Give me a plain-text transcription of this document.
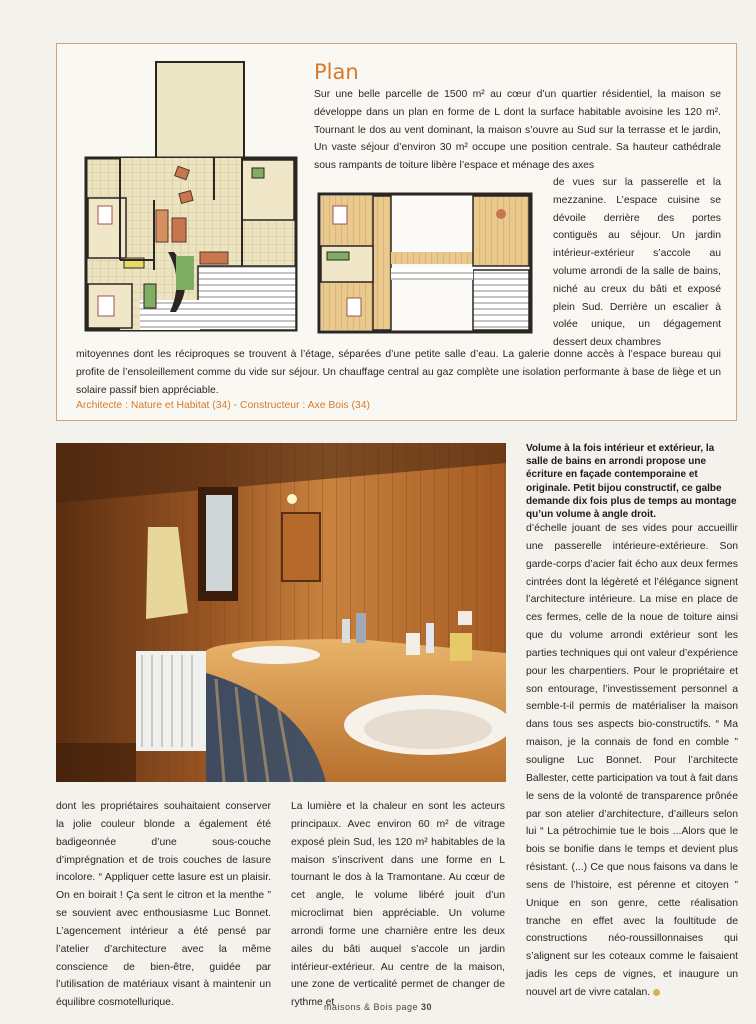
Plan

Sur une belle parcelle de 1500 m² au cœur d’un quartier résidentiel, la maison se développe dans un plan en forme de L dont la surface habitable avoisine les 120 m². Tournant le dos au vent dominant, la maison s’ouvre au Sud sur la terrasse et le jardin, Un vaste séjour d’environ 30 m² occupe une position centrale. Sa hauteur cathédrale sous rampants de toiture libère l’espace et ménage des axes

de vues sur la passerelle et la mezzanine. L’espace cuisine se dévoile derrière des portes contiguës au séjour. Un jardin intérieur-extérieur s’accole au volume arrondi de la salle de bains, niché au creux du bâti et exposé plein Sud. Derrière un escalier à volée unique, un dégagement dessert deux chambres

mitoyennes dont les réciproques se trouvent à l’étage, séparées d’une petite salle d’eau. La galerie donne accès à l’espace bureau qui profite de l’ensoleillement comme du vide sur séjour. Un chauffage central au gaz complète une isolation performante à base de liège et un solaire passif bien appréciable.

Architecte : Nature et Habitat (34) - Constructeur : Axe Bois (34)
Volume à la fois intérieur et extérieur, la salle de bains en arrondi propose une écriture en façade contemporaine et originale. Petit bijou constructif, ce galbe demande dix fois plus de temps au montage qu’un volume à angle droit.

dont les propriétaires souhaitaient conserver la jolie couleur blonde a également été badigeonnée d’une sous-couche d’imprégnation et de trois couches de lasure incolore. “ Appliquer cette lasure est un plaisir. On en boirait ! Ça sent le citron et la menthe ” se souvient avec enthousiasme Luc Bonnet. L’agencement intérieur a été pensé par l’atelier d’architecture avec la même conscience de bien-être, guidée par l’utilisation de matériaux visant à maintenir un équilibre cosmotellurique.

La lumière et la chaleur en sont les acteurs principaux. Avec environ 60 m² de vitrage exposé plein Sud, les 120 m² habitables de la maison s’inscrivent dans une forme en L tournant le dos à la Tramontane. Au cœur de cet angle, le volume libéré jouit d’un microclimat bien appréciable. Un volume arrondi forme une charnière entre les deux ailes du bâti auquel s’accole un jardin intérieur-extérieur. Au centre de la maison, une zone de verticalité permet de changer de rythme et

d’échelle jouant de ses vides pour accueillir une passerelle intérieure-extérieure. Son garde-corps d’acier fait écho aux deux fermes cintrées dont la légèreté et l’élégance signent l’architecture intérieure. La mise en place de ces fermes, celle de la noue de toiture ainsi que du volume arrondi extérieur sont les parties techniques qui ont valeur d’expérience pour les charpentiers. Pour le propriétaire et son entourage, l’investissement personnel a semble-t-il permis de matérialiser la maison dans tous ses aspects bio-constructifs. “ Ma maison, je la connais de fond en comble ” souligne Luc Bonnet. Pour l’architecte Ballester, cette participation va tout à fait dans le sens de la volonté de transparence prônée par son atelier d’architecture, d’ailleurs selon lui “ La pétrochimie tue le bois ...Alors que le bois se bonifie dans le temps et devient plus résistant. (...) Ce que nous faisons va dans le sens de l’histoire, est pérenne et citoyen ” Unique en son genre, cette réalisation tranche en effet avec la foultitude de constructions néo-roussillonnaises qui s’alignent sur les coteaux comme le faisaient jadis les ceps de vignes, et inaugure un nouvel art de vivre catalan.

maisons & Bois page 30
